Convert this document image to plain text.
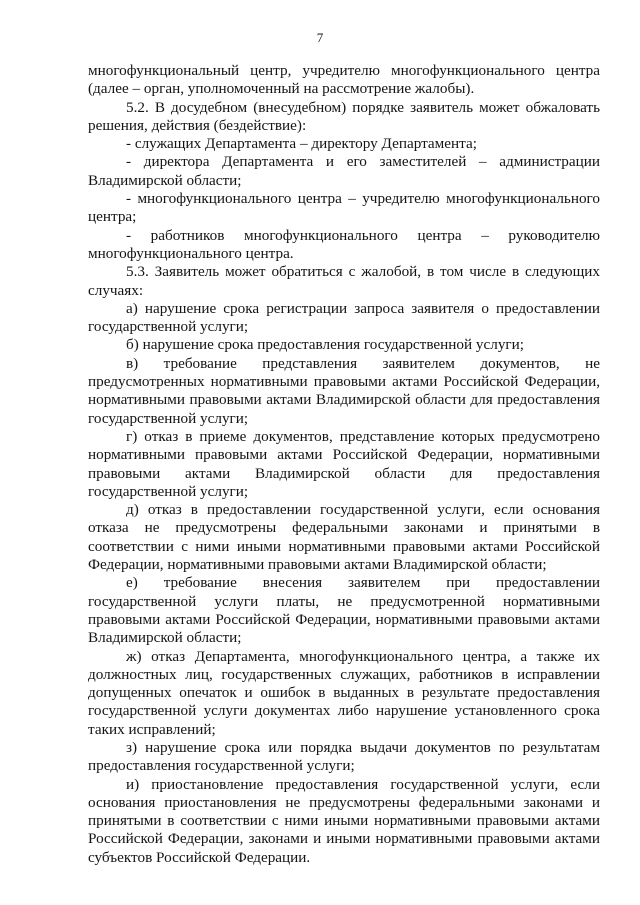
7

многофункциональный центр, учредителю многофункционального центра (далее – орган, уполномоченный на рассмотрение жалобы).

5.2. В досудебном (внесудебном) порядке заявитель может обжаловать решения, действия (бездействие):

- служащих Департамента – директору Департамента;

- директора Департамента и его заместителей – администрации Владимирской области;

- многофункционального центра – учредителю многофункционального центра;

- работников многофункционального центра – руководителю многофункционального центра.

5.3. Заявитель может обратиться с жалобой, в том числе в следующих случаях:

а) нарушение срока регистрации запроса заявителя о предоставлении государственной услуги;

б) нарушение срока предоставления государственной услуги;

в) требование представления заявителем документов, не предусмотренных нормативными правовыми актами Российской Федерации, нормативными правовыми актами Владимирской области для предоставления государственной услуги;

г) отказ в приеме документов, представление которых предусмотрено нормативными правовыми актами Российской Федерации, нормативными правовыми актами Владимирской области для предоставления государственной услуги;

д) отказ в предоставлении государственной услуги, если основания отказа не предусмотрены федеральными законами и принятыми в соответствии с ними иными нормативными правовыми актами Российской Федерации, нормативными правовыми актами Владимирской области;

е) требование внесения заявителем при предоставлении государственной услуги платы, не предусмотренной нормативными правовыми актами Российской Федерации, нормативными правовыми актами Владимирской области;

ж) отказ Департамента, многофункционального центра, а также их должностных лиц, государственных служащих, работников в исправлении допущенных опечаток и ошибок в выданных в результате предоставления государственной услуги документах либо нарушение установленного срока таких исправлений;

з) нарушение срока или порядка выдачи документов по результатам предоставления государственной услуги;

и) приостановление предоставления государственной услуги, если основания приостановления не предусмотрены федеральными законами и принятыми в соответствии с ними иными нормативными правовыми актами Российской Федерации, законами и иными нормативными правовыми актами субъектов Российской Федерации.
